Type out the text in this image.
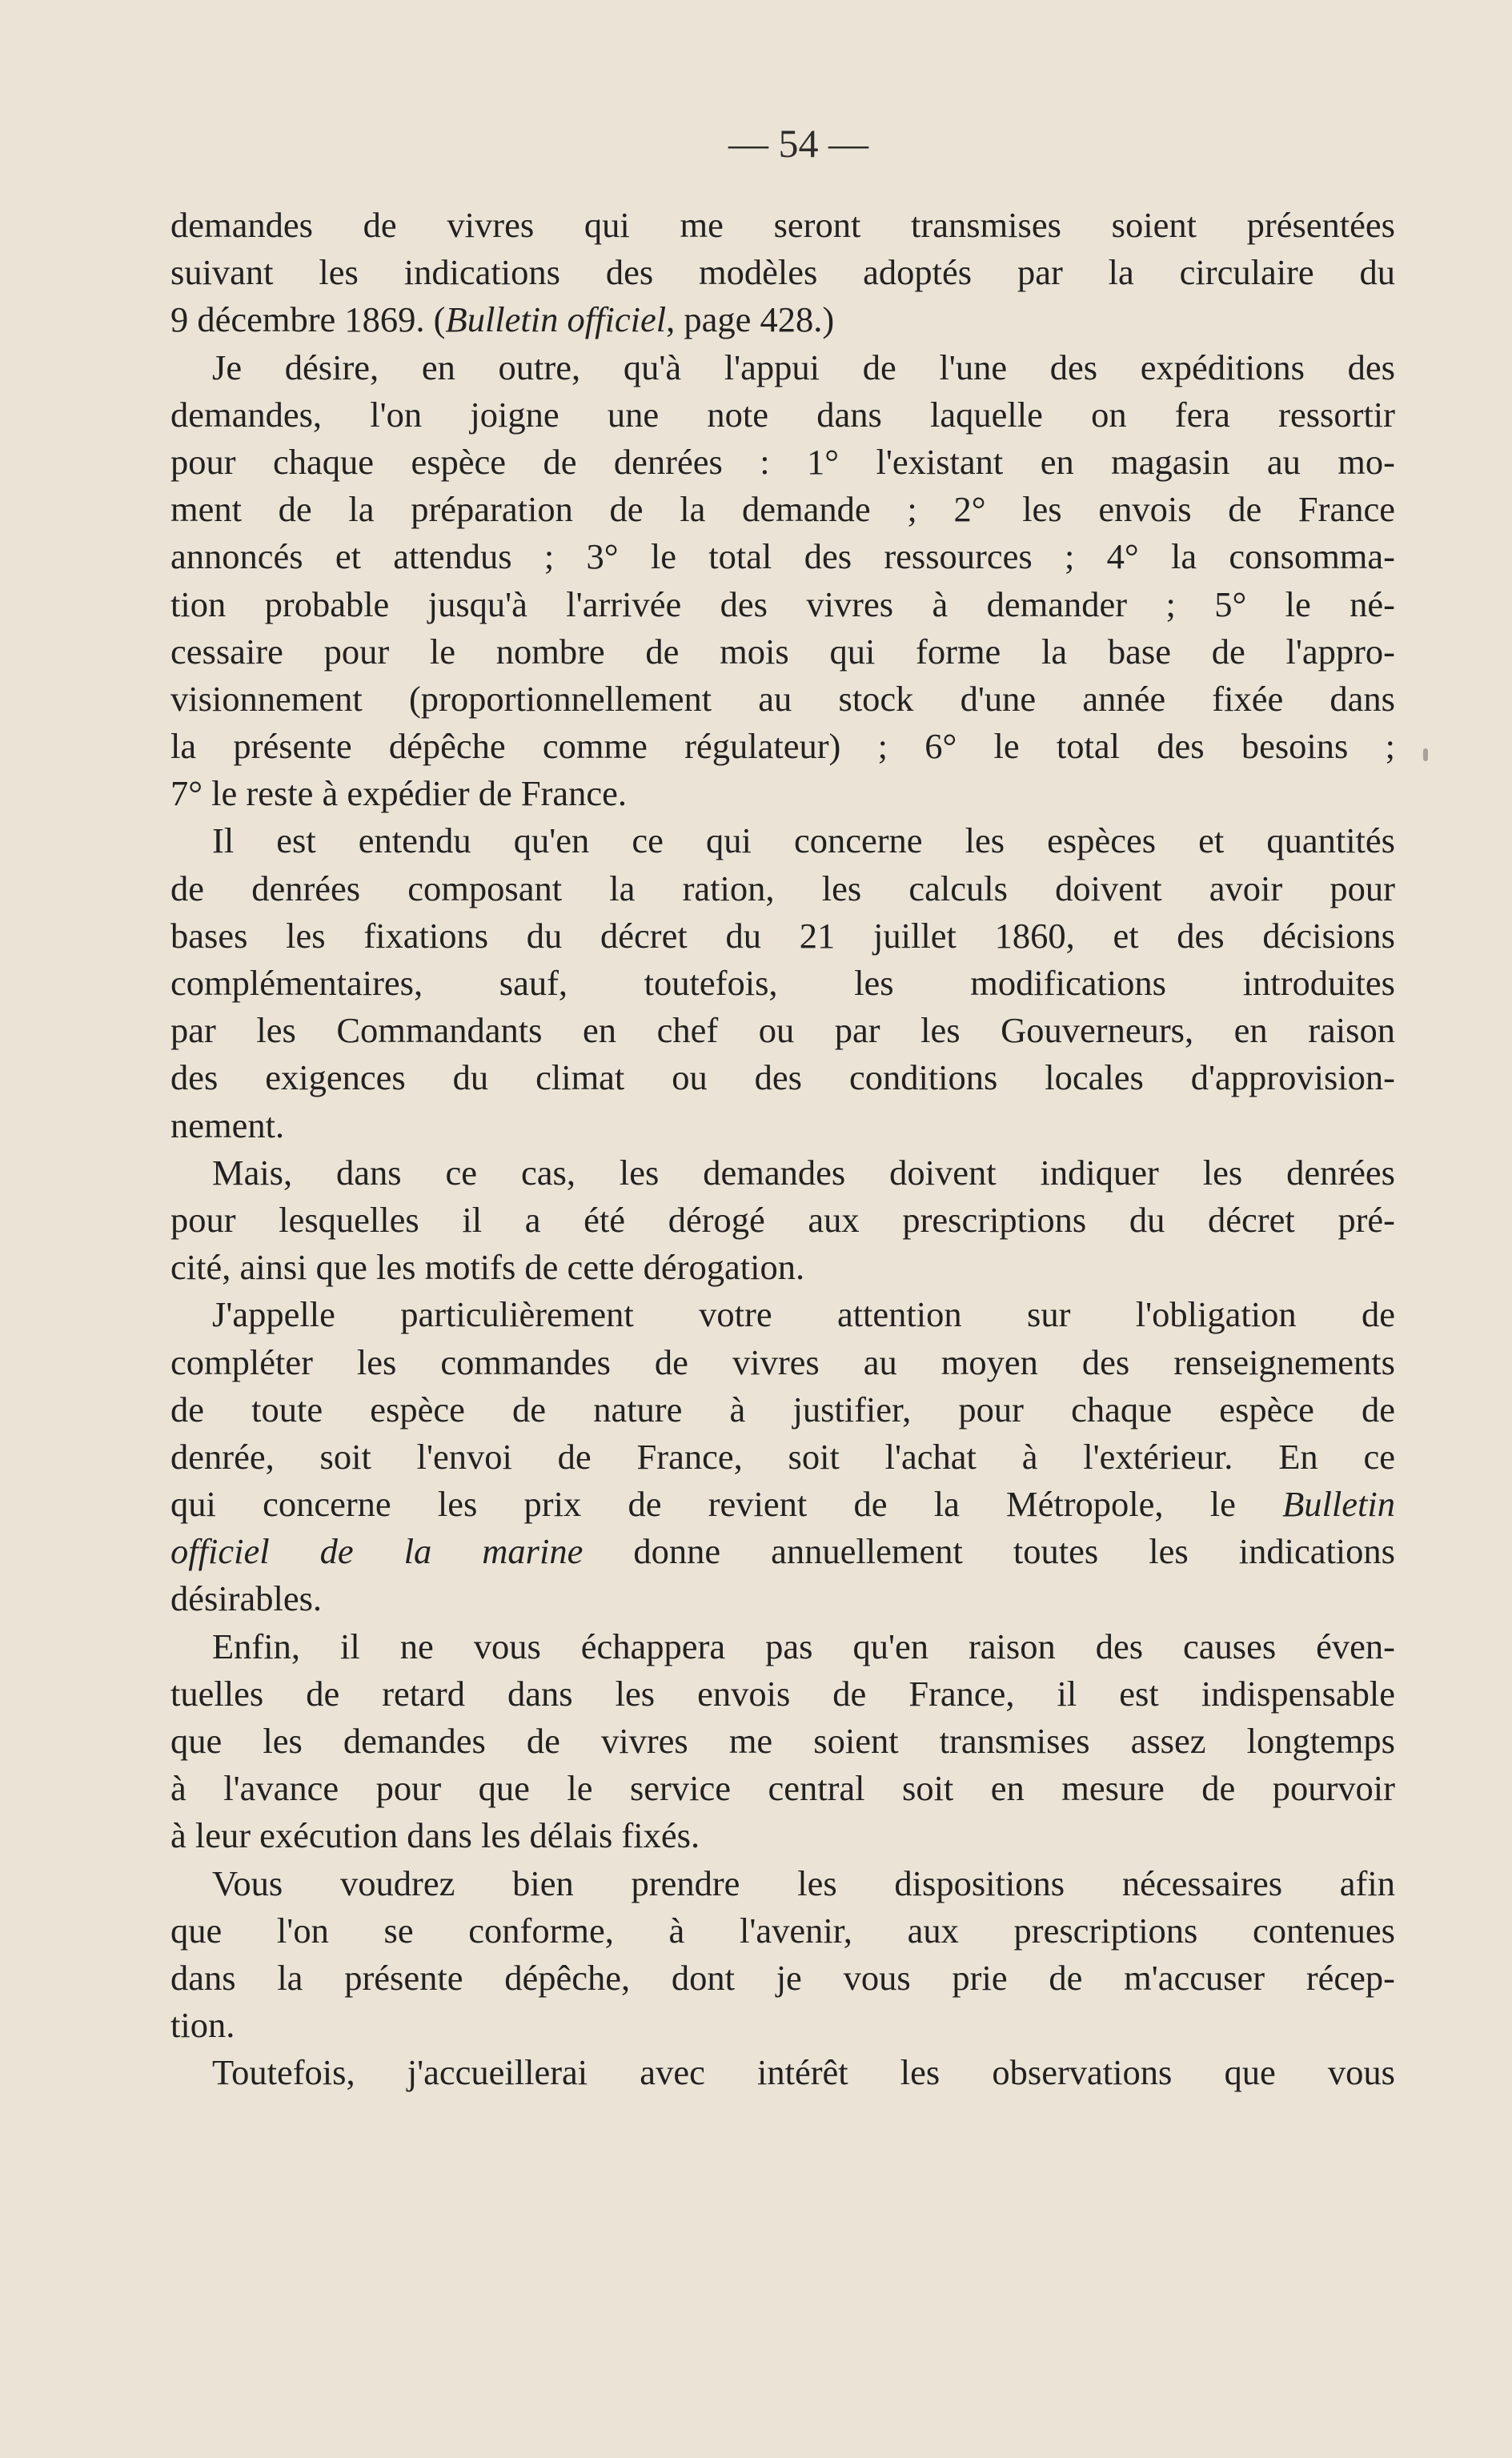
— 54 —
demandes de vivres qui me seront transmises soient présentées
suivant les indications des modèles adoptés par la circulaire du
9 décembre 1869. (Bulletin officiel, page 428.)
Je désire, en outre, qu'à l'appui de l'une des expéditions des
demandes, l'on joigne une note dans laquelle on fera ressortir
pour chaque espèce de denrées : 1° l'existant en magasin au mo-
ment de la préparation de la demande ; 2° les envois de France
annoncés et attendus ; 3° le total des ressources ; 4° la consomma-
tion probable jusqu'à l'arrivée des vivres à demander ; 5° le né-
cessaire pour le nombre de mois qui forme la base de l'appro-
visionnement (proportionnellement au stock d'une année fixée dans
la présente dépêche comme régulateur) ; 6° le total des besoins ;
7° le reste à expédier de France.
Il est entendu qu'en ce qui concerne les espèces et quantités
de denrées composant la ration, les calculs doivent avoir pour
bases les fixations du décret du 21 juillet 1860, et des décisions
complémentaires, sauf, toutefois, les modifications introduites
par les Commandants en chef ou par les Gouverneurs, en raison
des exigences du climat ou des conditions locales d'approvision-
nement.
Mais, dans ce cas, les demandes doivent indiquer les denrées
pour lesquelles il a été dérogé aux prescriptions du décret pré-
cité, ainsi que les motifs de cette dérogation.
J'appelle particulièrement votre attention sur l'obligation de
compléter les commandes de vivres au moyen des renseignements
de toute espèce de nature à justifier, pour chaque espèce de
denrée, soit l'envoi de France, soit l'achat à l'extérieur. En ce
qui concerne les prix de revient de la Métropole, le Bulletin
officiel de la marine donne annuellement toutes les indications
désirables.
Enfin, il ne vous échappera pas qu'en raison des causes éven-
tuelles de retard dans les envois de France, il est indispensable
que les demandes de vivres me soient transmises assez longtemps
à l'avance pour que le service central soit en mesure de pourvoir
à leur exécution dans les délais fixés.
Vous voudrez bien prendre les dispositions nécessaires afin
que l'on se conforme, à l'avenir, aux prescriptions contenues
dans la présente dépêche, dont je vous prie de m'accuser récep-
tion.
Toutefois, j'accueillerai avec intérêt les observations que vous
